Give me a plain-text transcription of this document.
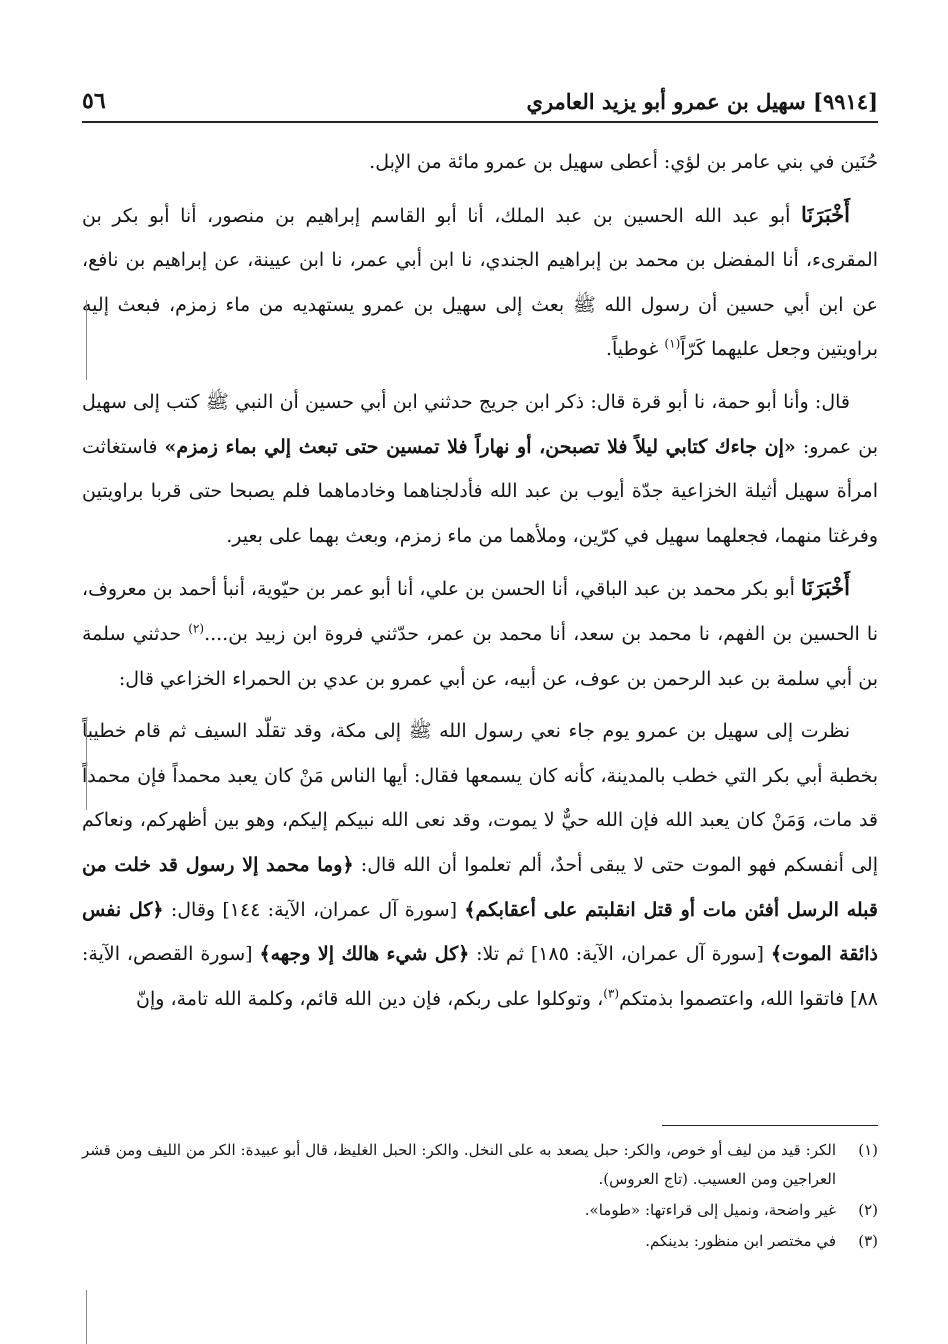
٥٦	[٩٩١٤] سهيل بن عمرو أبو يزيد العامري

حُنَين في بني عامر بن لؤي: أعطى سهيل بن عمرو مائة من الإبل.

أَخْبَرَنَا أبو عبد الله الحسين بن عبد الملك، أنا أبو القاسم إبراهيم بن منصور، أنا أبو بكر بن المقرىء، أنا المفضل بن محمد بن إبراهيم الجندي، نا ابن أبي عمر، نا ابن عيينة، عن إبراهيم بن نافع، عن ابن أبي حسين أن رسول الله ﷺ بعث إلى سهيل بن عمرو يستهديه من ماء زمزم، فبعث إليه براويتين وجعل عليهما كَرّاً$^{(١)}$ غوطياً.

قال: وأنا أبو حمة، نا أبو قرة قال: ذكر ابن جريج حدثني ابن أبي حسين أن النبي ﷺ كتب إلى سهيل بن عمرو: «إن جاءك كتابي ليلاً فلا تصبحن، أو نهاراً فلا تمسين حتى تبعث إلي بماء زمزم» فاستغاثت امرأة سهيل أثيلة الخزاعية جدّة أيوب بن عبد الله فأدلجناهما وخادماهما فلم يصبحا حتى قربا براويتين وفرغتا منهما، فجعلهما سهيل في كرّين، وملأهما من ماء زمزم، وبعث بهما على بعير.

أَخْبَرَنَا أبو بكر محمد بن عبد الباقي، أنا الحسن بن علي، أنا أبو عمر بن حيّوية، أنبأ أحمد بن معروف، نا الحسين بن الفهم، نا محمد بن سعد، أنا محمد بن عمر، حدّثني فروة ابن زبيد بن....$^{(٢)}$ حدثني سلمة بن أبي سلمة بن عبد الرحمن بن عوف، عن أبيه، عن أبي عمرو بن عدي بن الحمراء الخزاعي قال:

نظرت إلى سهيل بن عمرو يوم جاء نعي رسول الله ﷺ إلى مكة، وقد تقلّد السيف ثم قام خطيباً بخطبة أبي بكر التي خطب بالمدينة، كأنه كان يسمعها فقال: أيها الناس مَنْ كان يعبد محمداً فإن محمداً قد مات، وَمَنْ كان يعبد الله فإن الله حيٌّ لا يموت، وقد نعى الله نبيكم إليكم، وهو بين أظهركم، ونعاكم إلى أنفسكم فهو الموت حتى لا يبقى أحدٌ، ألم تعلموا أن الله قال: ﴿وما محمد إلا رسول قد خلت من قبله الرسل أفئن مات أو قتل انقلبتم على أعقابكم﴾ [سورة آل عمران، الآية: ١٤٤] وقال: ﴿كل نفس ذائقة الموت﴾ [سورة آل عمران، الآية: ١٨٥] ثم تلا: ﴿كل شيء هالك إلا وجهه﴾ [سورة القصص، الآية: ٨٨] فاتقوا الله، واعتصموا بذمتكم$^{(٣)}$، وتوكلوا على ربكم، فإن دين الله قائم، وكلمة الله تامة، وإنّ

(١)
الكر: قيد من ليف أو خوص، والكر: حبل يصعد به على النخل. والكر: الحبل الغليظ، قال أبو عبيدة: الكر من الليف ومن قشر العراجين ومن العسيب. (تاج العروس).
(٢)
غير واضحة، ونميل إلى قراءتها: «طوما».
(٣)
في مختصر ابن منظور: بدينكم.
